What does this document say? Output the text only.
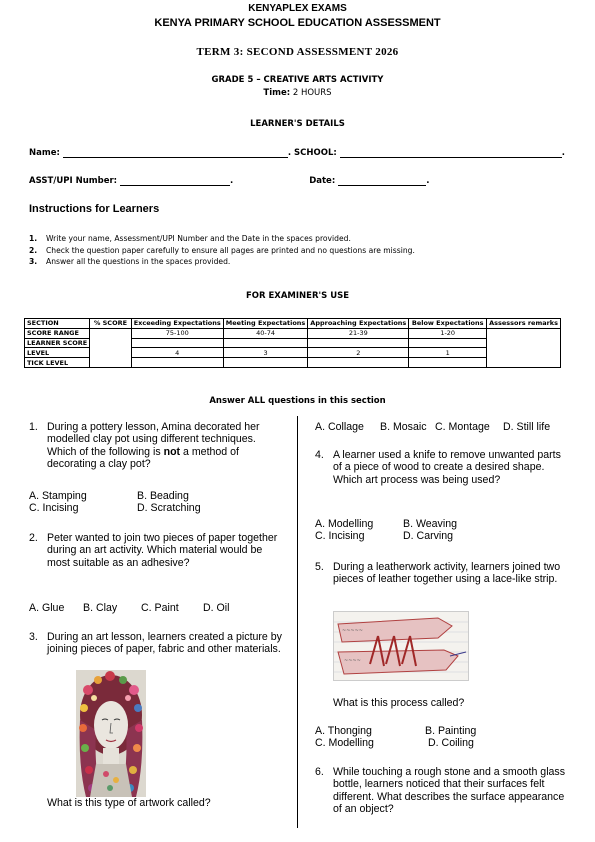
KENYAPLEX EXAMS
KENYA PRIMARY SCHOOL EDUCATION ASSESSMENT
TERM 3: SECOND ASSESSMENT 2026
GRADE 5 – CREATIVE ARTS ACTIVITY
Time: 2 HOURS
LEARNER'S DETAILS
Name:	. SCHOOL:	.
ASST/UPI Number:	.	Date:	.
Instructions for Learners
1. Write your name, Assessment/UPI Number and the Date in the spaces provided.
2. Check the question paper carefully to ensure all pages are printed and no questions are missing.
3. Answer all the questions in the spaces provided.
FOR EXAMINER'S USE
SECTION	% SCORE	Exceeding Expectations	Meeting Expectations	Approaching Expectations	Below Expectations	Assessors remarks
SCORE RANGE		75-100	40-74	21-39	1-20	
LEARNER SCORE						
LEVEL		4	3	2	1	
TICK LEVEL						
Answer ALL questions in this section
1. During a pottery lesson, Amina decorated her modelled clay pot using different techniques. Which of the following is not a method of decorating a clay pot?
A. Stamping	B. Beading
C. Incising	D. Scratching
2. Peter wanted to join two pieces of paper together during an art activity. Which material would be most suitable as an adhesive?
A. Glue B. Clay C. Paint D. Oil
3. During an art lesson, learners created a picture by joining pieces of paper, fabric and other materials.
What is this type of artwork called?
A. Collage B. Mosaic C. Montage D. Still life
4. A learner used a knife to remove unwanted parts of a piece of wood to create a desired shape. Which art process was being used?
A. Modelling	B. Weaving
C. Incising	D. Carving
5. During a leatherwork activity, learners joined two pieces of leather together using a lace-like strip.
~~~~~
~~~~
What is this process called?
A. Thonging	B. Painting
C. Modelling	D. Coiling
6. While touching a rough stone and a smooth glass bottle, learners noticed that their surfaces felt different. What describes the surface appearance of an object?
